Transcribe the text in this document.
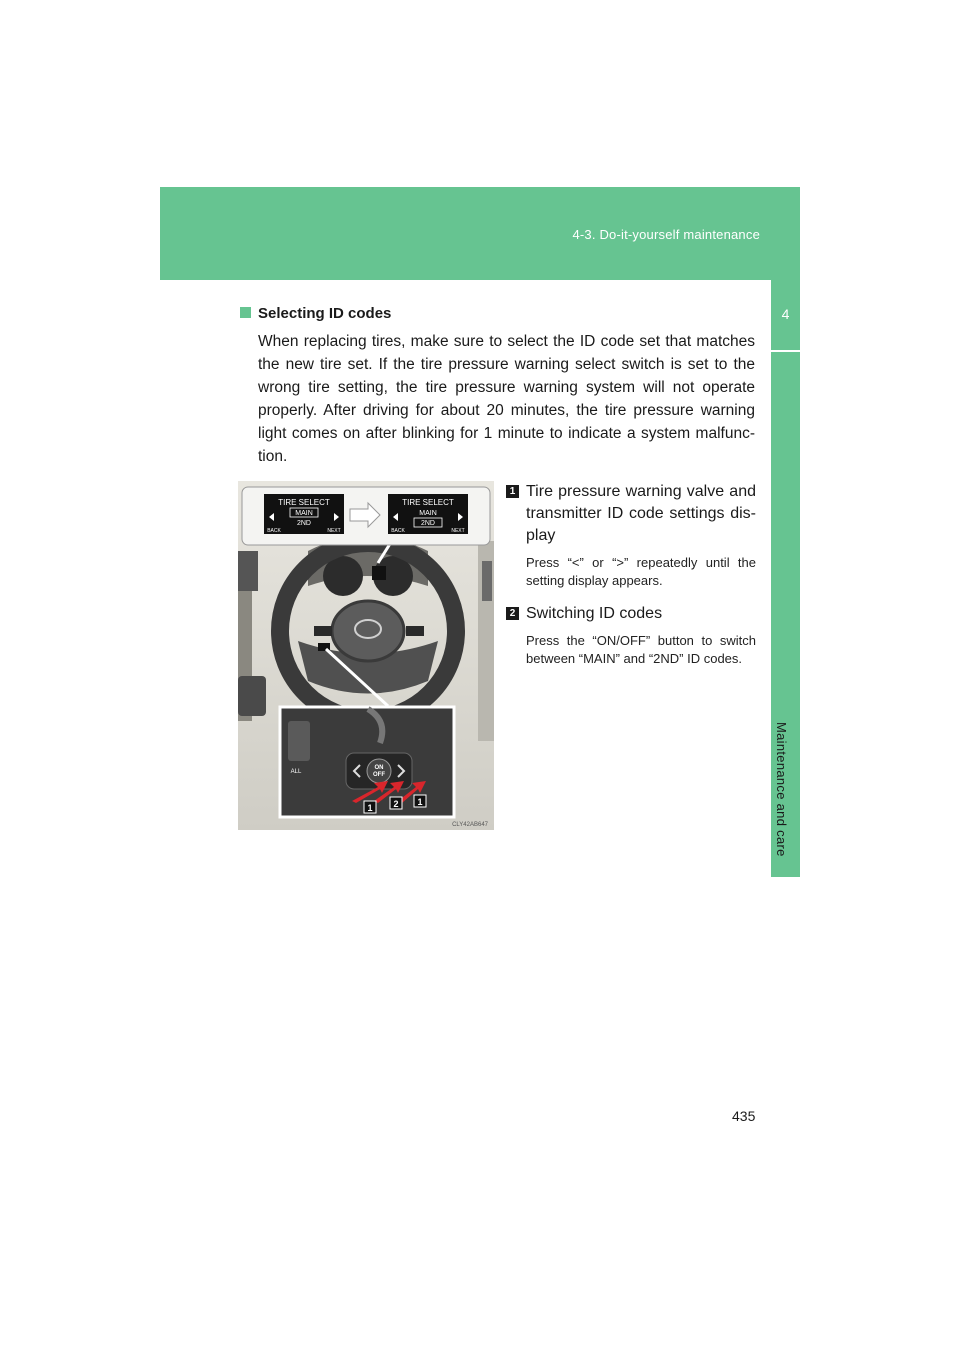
4-3. Do-it-yourself maintenance
4
Maintenance and care
Selecting ID codes
When replacing tires, make sure to select the ID code set that matches the new tire set. If the tire pressure warning select switch is set to the wrong tire setting, the tire pressure warning system will not operate properly. After driving for about 20 minutes, the tire pressure warning light comes on after blinking for 1 minute to indicate a system malfunc-tion.
TIRE SELECT
MAIN
2ND
BACK	NEXT
TIRE SELECT
MAIN
2ND
BACK	NEXT
ALL
ON
OFF
1 2 1
CLY42AB647
1 Tire pressure warning valve and transmitter ID code settings dis-play
Press “<” or “>” repeatedly until the setting display appears.
2 Switching ID codes
Press the “ON/OFF” button to switch between “MAIN” and “2ND” ID codes.
435
